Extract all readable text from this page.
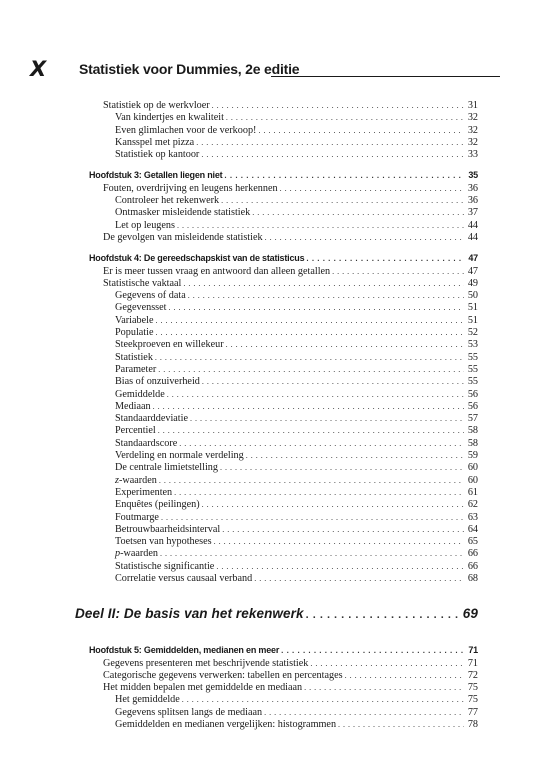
X	Statistiek voor Dummies, 2e editie
Statistiek op de werkvloer . . .	31
Van kindertjes en kwaliteit . . .	32
Even glimlachen voor de verkoop! . . .	32
Kansspel met pizza . . .	32
Statistiek op kantoor . . .	33
Hoofdstuk 3: Getallen liegen niet . . .	35
Fouten, overdrijving en leugens herkennen . . .	36
Controleer het rekenwerk . . .	36
Ontmasker misleidende statistiek . . .	37
Let op leugens . . .	44
De gevolgen van misleidende statistiek . . .	44
Hoofdstuk 4: De gereedschapskist van de statisticus . . .	47
Er is meer tussen vraag en antwoord dan alleen getallen . . .	47
Statistische vaktaal . . .	49
Gegevens of data . . .	50
Gegevensset . . .	51
Variabele . . .	51
Populatie . . .	52
Steekproeven en willekeur . . .	53
Statistiek . . .	55
Parameter . . .	55
Bias of onzuiverheid . . .	55
Gemiddelde . . .	56
Mediaan . . .	56
Standaarddeviatie . . .	57
Percentiel . . .	58
Standaardscore . . .	58
Verdeling en normale verdeling . . .	59
De centrale limietstelling . . .	60
z-waarden . . .	60
Experimenten . . .	61
Enquêtes (peilingen) . . .	62
Foutmarge . . .	63
Betrouwbaarheidsinterval . . .	64
Toetsen van hypotheses . . .	65
p-waarden . . .	66
Statistische significantie . . .	66
Correlatie versus causaal verband . . .	68
Deel II: De basis van het rekenwerk . . .	69
Hoofdstuk 5: Gemiddelden, medianen en meer . . .	71
Gegevens presenteren met beschrijvende statistiek . . .	71
Categorische gegevens verwerken: tabellen en percentages . . .	72
Het midden bepalen met gemiddelde en mediaan . . .	75
Het gemiddelde . . .	75
Gegevens splitsen langs de mediaan . . .	77
Gemiddelden en medianen vergelijken: histogrammen . . .	78
